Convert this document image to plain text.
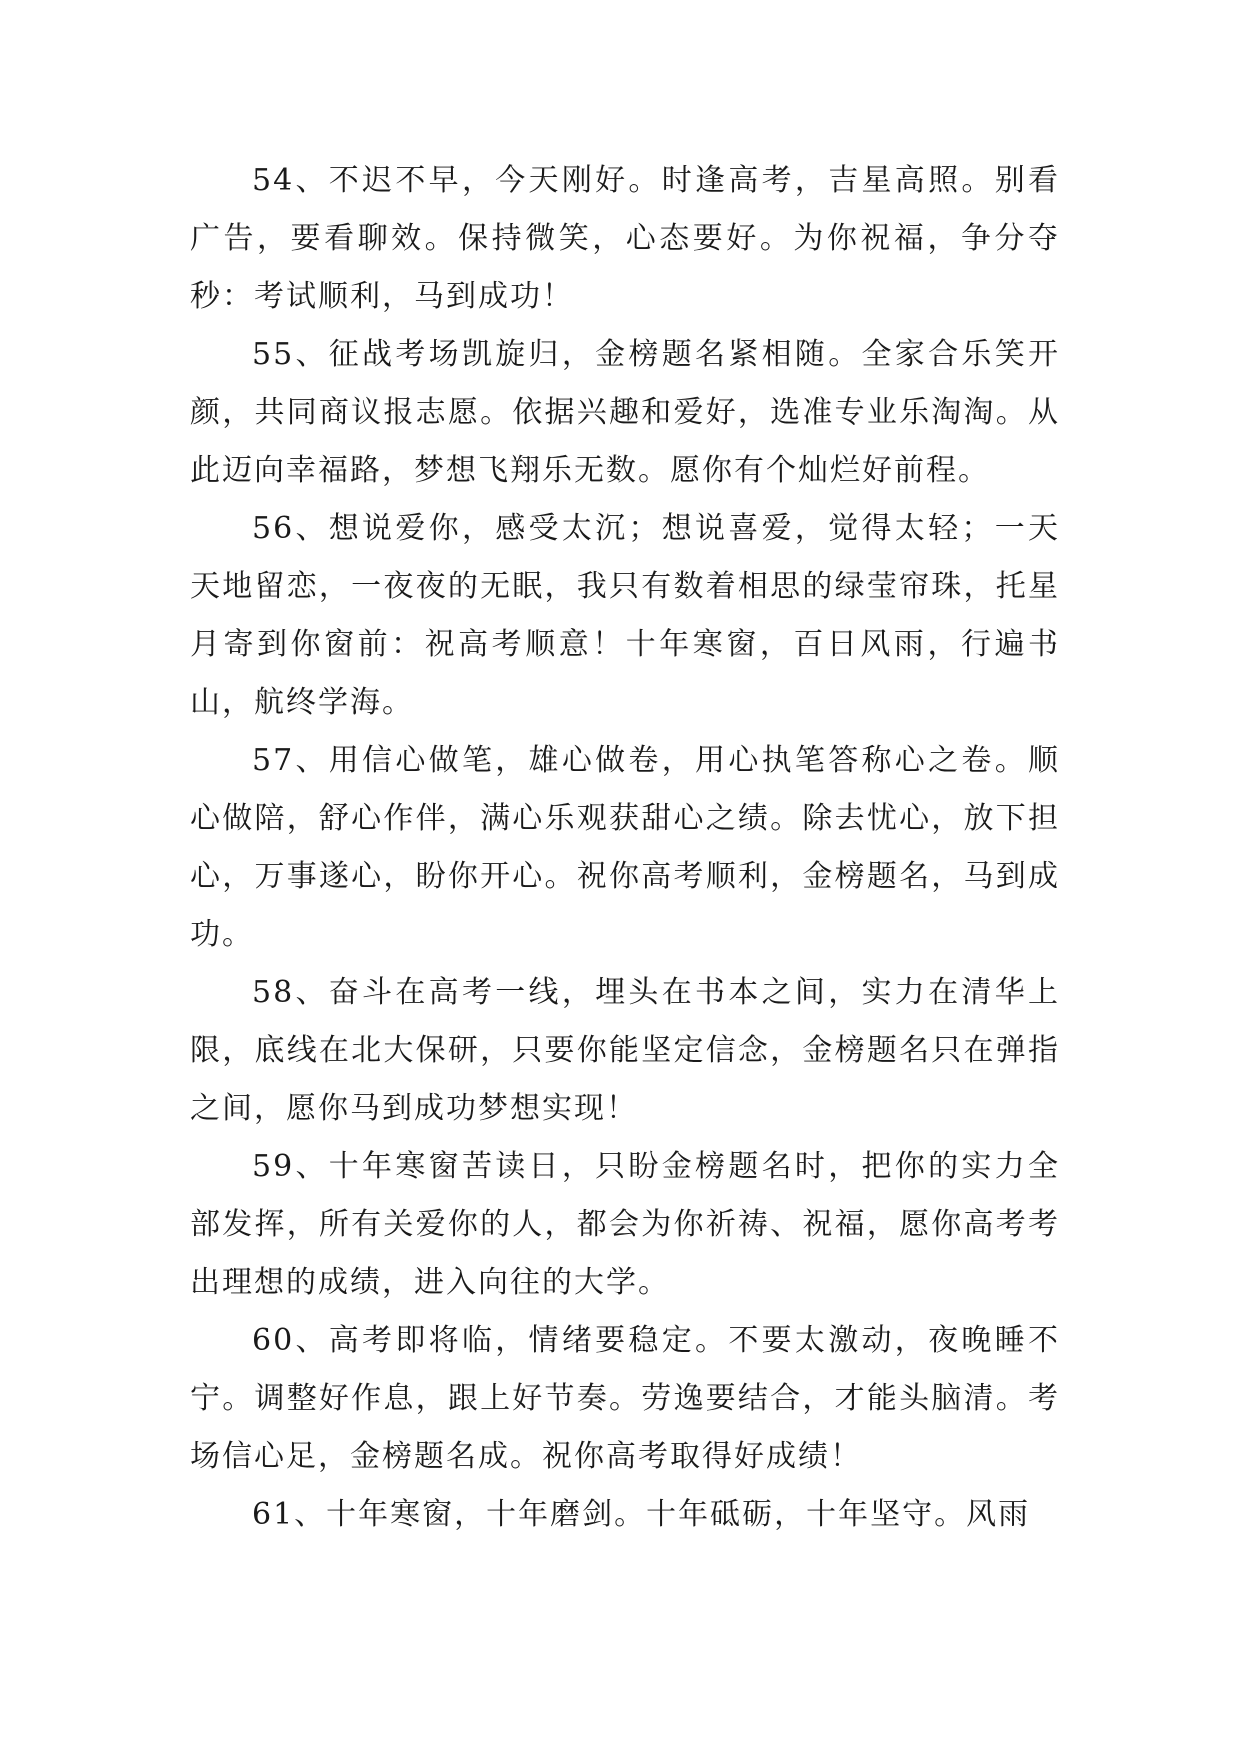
54、不迟不早，今天刚好。时逢高考，吉星高照。别看广告，要看聊效。保持微笑，心态要好。为你祝福，争分夺秒：考试顺利，马到成功！

55、征战考场凯旋归，金榜题名紧相随。全家合乐笑开颜，共同商议报志愿。依据兴趣和爱好，选准专业乐淘淘。从此迈向幸福路，梦想飞翔乐无数。愿你有个灿烂好前程。

56、想说爱你，感受太沉；想说喜爱，觉得太轻；一天天地留恋，一夜夜的无眠，我只有数着相思的绿莹帘珠，托星月寄到你窗前：祝高考顺意！十年寒窗，百日风雨，行遍书山，航终学海。

57、用信心做笔，雄心做卷，用心执笔答称心之卷。顺心做陪，舒心作伴，满心乐观获甜心之绩。除去忧心，放下担心，万事遂心，盼你开心。祝你高考顺利，金榜题名，马到成功。

58、奋斗在高考一线，埋头在书本之间，实力在清华上限，底线在北大保研，只要你能坚定信念，金榜题名只在弹指之间，愿你马到成功梦想实现！

59、十年寒窗苦读日，只盼金榜题名时，把你的实力全部发挥，所有关爱你的人，都会为你祈祷、祝福，愿你高考考出理想的成绩，进入向往的大学。

60、高考即将临，情绪要稳定。不要太激动，夜晚睡不宁。调整好作息，跟上好节奏。劳逸要结合，才能头脑清。考场信心足，金榜题名成。祝你高考取得好成绩！

61、十年寒窗，十年磨剑。十年砥砺，十年坚守。风雨
